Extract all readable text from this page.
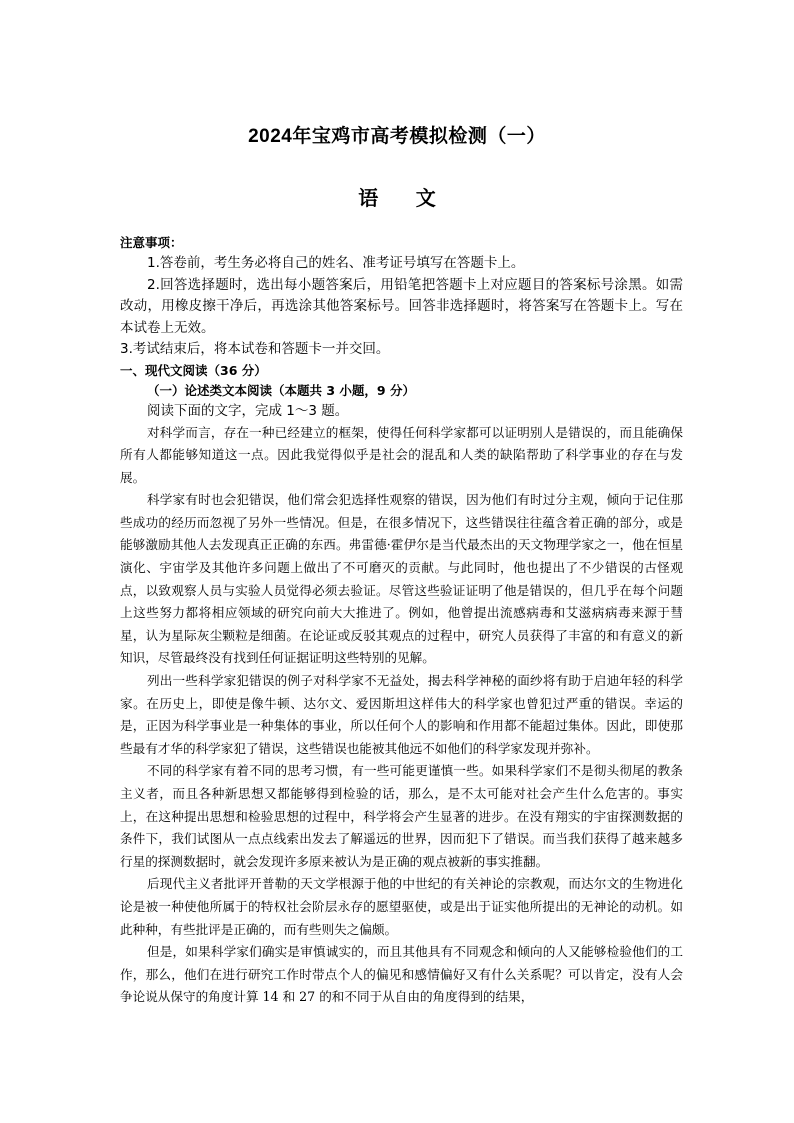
2024年宝鸡市高考模拟检测（一）
语 文
注意事项：

1.答卷前，考生务必将自己的姓名、准考证号填写在答题卡上。

2.回答选择题时，选出每小题答案后，用铅笔把答题卡上对应题目的答案标号涂黑。如需改动，用橡皮擦干净后，再选涂其他答案标号。回答非选择题时，将答案写在答题卡上。写在本试卷上无效。

3.考试结束后，将本试卷和答题卡一并交回。

一、现代文阅读（36 分）
（一）论述类文本阅读（本题共 3 小题，9 分）
阅读下面的文字，完成 1～3 题。

对科学而言，存在一种已经建立的框架，使得任何科学家都可以证明别人是错误的，而且能确保所有人都能够知道这一点。因此我觉得似乎是社会的混乱和人类的缺陷帮助了科学事业的存在与发展。

科学家有时也会犯错误，他们常会犯选择性观察的错误，因为他们有时过分主观，倾向于记住那些成功的经历而忽视了另外一些情况。但是，在很多情况下，这些错误往往蕴含着正确的部分，或是能够激励其他人去发现真正正确的东西。弗雷德·霍伊尔是当代最杰出的天文物理学家之一，他在恒星演化、宇宙学及其他许多问题上做出了不可磨灭的贡献。与此同时，他也提出了不少错误的古怪观点，以致观察人员与实验人员觉得必须去验证。尽管这些验证证明了他是错误的，但几乎在每个问题上这些努力都将相应领域的研究向前大大推进了。例如，他曾提出流感病毒和艾滋病病毒来源于彗星，认为星际灰尘颗粒是细菌。在论证或反驳其观点的过程中，研究人员获得了丰富的和有意义的新知识，尽管最终没有找到任何证据证明这些特别的见解。

列出一些科学家犯错误的例子对科学家不无益处，揭去科学神秘的面纱将有助于启迪年轻的科学家。在历史上，即使是像牛顿、达尔文、爱因斯坦这样伟大的科学家也曾犯过严重的错误。幸运的是，正因为科学事业是一种集体的事业，所以任何个人的影响和作用都不能超过集体。因此，即使那些最有才华的科学家犯了错误，这些错误也能被其他远不如他们的科学家发现并弥补。

不同的科学家有着不同的思考习惯，有一些可能更谨慎一些。如果科学家们不是彻头彻尾的教条主义者，而且各种新思想又都能够得到检验的话，那么，是不太可能对社会产生什么危害的。事实上，在这种提出思想和检验思想的过程中，科学将会产生显著的进步。在没有翔实的宇宙探测数据的条件下，我们试图从一点点线索出发去了解遥远的世界，因而犯下了错误。而当我们获得了越来越多行星的探测数据时，就会发现许多原来被认为是正确的观点被新的事实推翻。

后现代主义者批评开普勒的天文学根源于他的中世纪的有关神论的宗教观，而达尔文的生物进化论是被一种使他所属于的特权社会阶层永存的愿望驱使，或是出于证实他所提出的无神论的动机。如此种种，有些批评是正确的，而有些则失之偏颇。

但是，如果科学家们确实是审慎诚实的，而且其他具有不同观念和倾向的人又能够检验他们的工作，那么，他们在进行研究工作时带点个人的偏见和感情偏好又有什么关系呢？可以肯定，没有人会争论说从保守的角度计算 14 和 27 的和不同于从自由的角度得到的结果，
